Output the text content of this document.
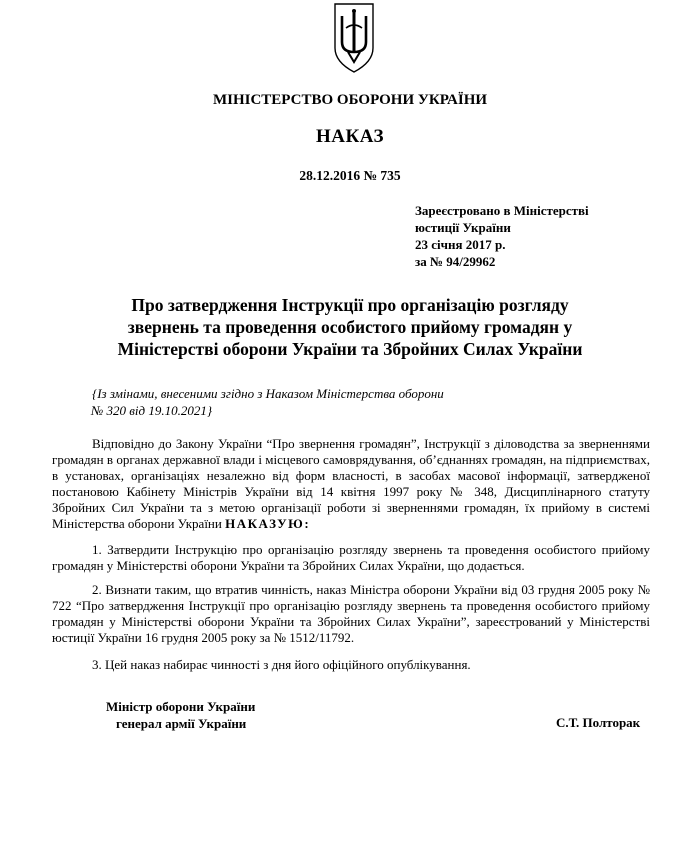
МІНІСТЕРСТВО ОБОРОНИ УКРАЇНИ
НАКАЗ
28.12.2016 № 735
Зареєстровано в Міністерстві
юстиції України
23 січня 2017 р.
за № 94/29962
Про затвердження Інструкції про організацію розгляду
звернень та проведення особистого прийому громадян у
Міністерстві оборони України та Збройних Силах України
{Із змінами, внесеними згідно з Наказом Міністерства оборони
№ 320 від 19.10.2021}

Відповідно до Закону України “Про звернення громадян”, Інструкції з діловодства за зверненнями громадян в органах державної влади і місцевого самоврядування, об’єднаннях громадян, на підприємствах, в установах, організаціях незалежно від форм власності, в засобах масової інформації, затвердженої постановою Кабінету Міністрів України від 14 квітня 1997 року № 348, Дисциплінарного статуту Збройних Сил України та з метою організації роботи зі зверненнями громадян, їх прийому в системі Міністерства оборони України НАКАЗУЮ:

1. Затвердити Інструкцію про організацію розгляду звернень та проведення особистого прийому громадян у Міністерстві оборони України та Збройних Силах України, що додається.

2. Визнати таким, що втратив чинність, наказ Міністра оборони України від 03 грудня 2005 року № 722 “Про затвердження Інструкції про організацію розгляду звернень та проведення особистого прийому громадян у Міністерстві оборони України та Збройних Силах України”, зареєстрований у Міністерстві юстиції України 16 грудня 2005 року за № 1512/11792.

3. Цей наказ набирає чинності з дня його офіційного опублікування.

Міністр оборони України
генерал армії України	С.Т. Полторак
